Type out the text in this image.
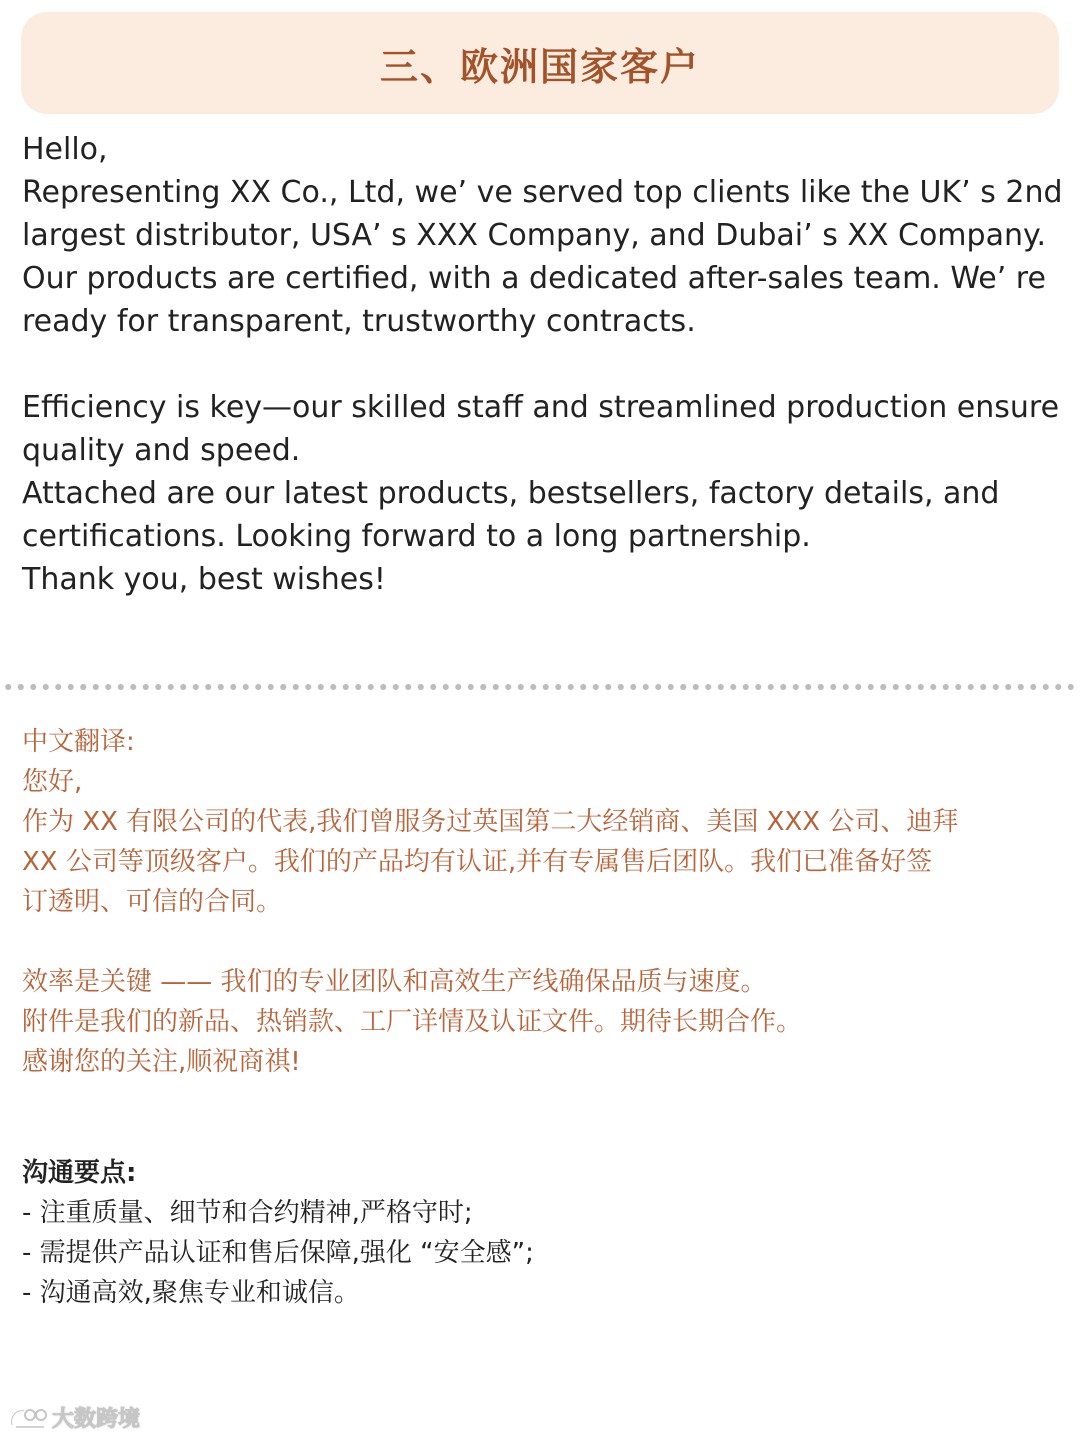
三、欧洲国家客户

Hello,

Representing XX Co., Ltd, we’ ve served top clients like the UK’ s 2nd

largest distributor, USA’ s XXX Company, and Dubai’ s XX Company.

Our products are certified, with a dedicated after-sales team. We’ re

ready for transparent, trustworthy contracts.

Efficiency is key—our skilled staff and streamlined production ensure

quality and speed.

Attached are our latest products, bestsellers, factory details, and

certifications. Looking forward to a long partnership.

Thank you, best wishes!

中文翻译:

您好,

作为 XX 有限公司的代表,我们曾服务过英国第二大经销商、美国 XXX 公司、迪拜

XX 公司等顶级客户。我们的产品均有认证,并有专属售后团队。我们已准备好签

订透明、可信的合同。

效率是关键 —— 我们的专业团队和高效生产线确保品质与速度。

附件是我们的新品、热销款、工厂详情及认证文件。期待长期合作。

感谢您的关注,顺祝商祺!

沟通要点:

- 注重质量、细节和合约精神,严格守时;

- 需提供产品认证和售后保障,强化 “安全感”;

- 沟通高效,聚焦专业和诚信。

大数跨境
